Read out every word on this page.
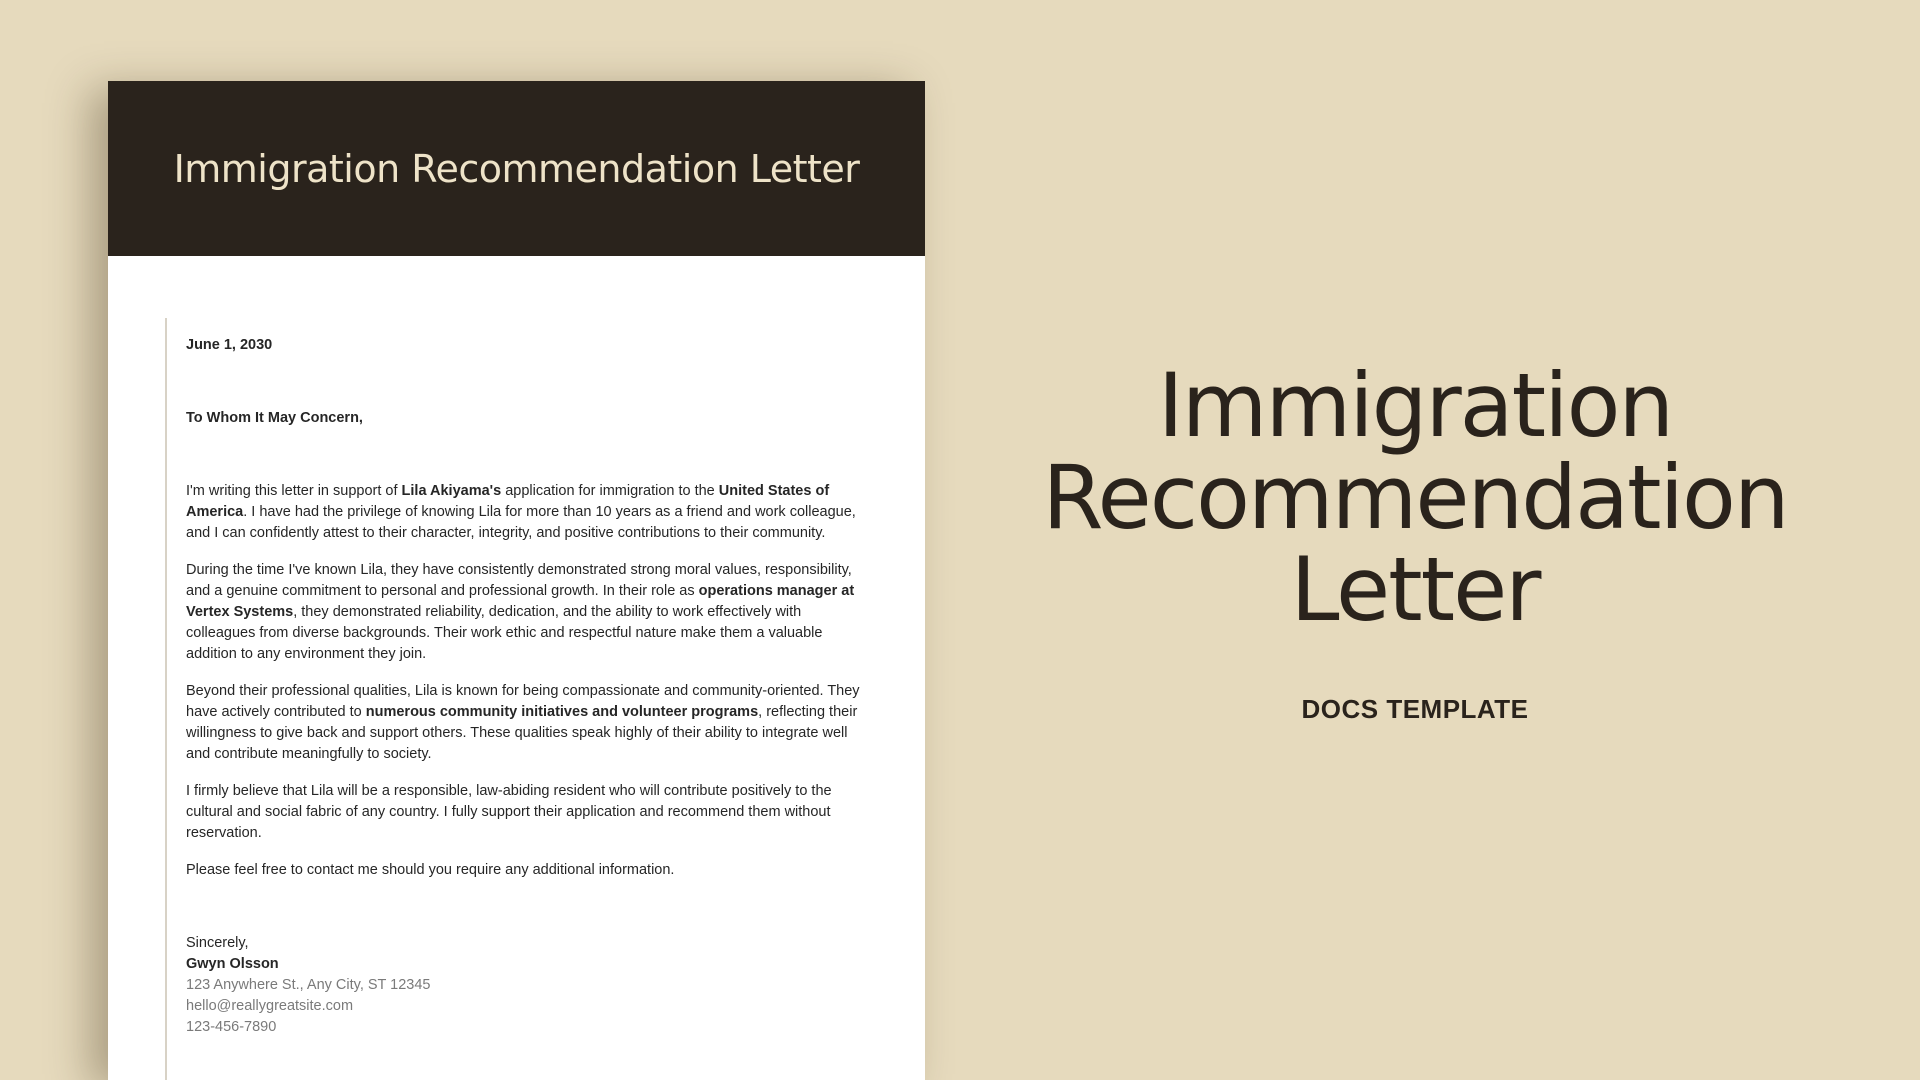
Immigration Recommendation Letter

June 1, 2030

To Whom It May Concern,

I'm writing this letter in support of Lila Akiyama's application for immigration to the United States of America. I have had the privilege of knowing Lila for more than 10 years as a friend and work colleague, and I can confidently attest to their character, integrity, and positive contributions to their community.

During the time I've known Lila, they have consistently demonstrated strong moral values, responsibility, and a genuine commitment to personal and professional growth. In their role as operations manager at Vertex Systems, they demonstrated reliability, dedication, and the ability to work effectively with colleagues from diverse backgrounds. Their work ethic and respectful nature make them a valuable addition to any environment they join.

Beyond their professional qualities, Lila is known for being compassionate and community-oriented. They have actively contributed to numerous community initiatives and volunteer programs, reflecting their willingness to give back and support others. These qualities speak highly of their ability to integrate well and contribute meaningfully to society.

I firmly believe that Lila will be a responsible, law-abiding resident who will contribute positively to the cultural and social fabric of any country. I fully support their application and recommend them without reservation.

Please feel free to contact me should you require any additional information.

Sincerely,
Gwyn Olsson
123 Anywhere St., Any City, ST 12345
hello@reallygreatsite.com
123-456-7890
Immigration
Recommendation
Letter
DOCS TEMPLATE
